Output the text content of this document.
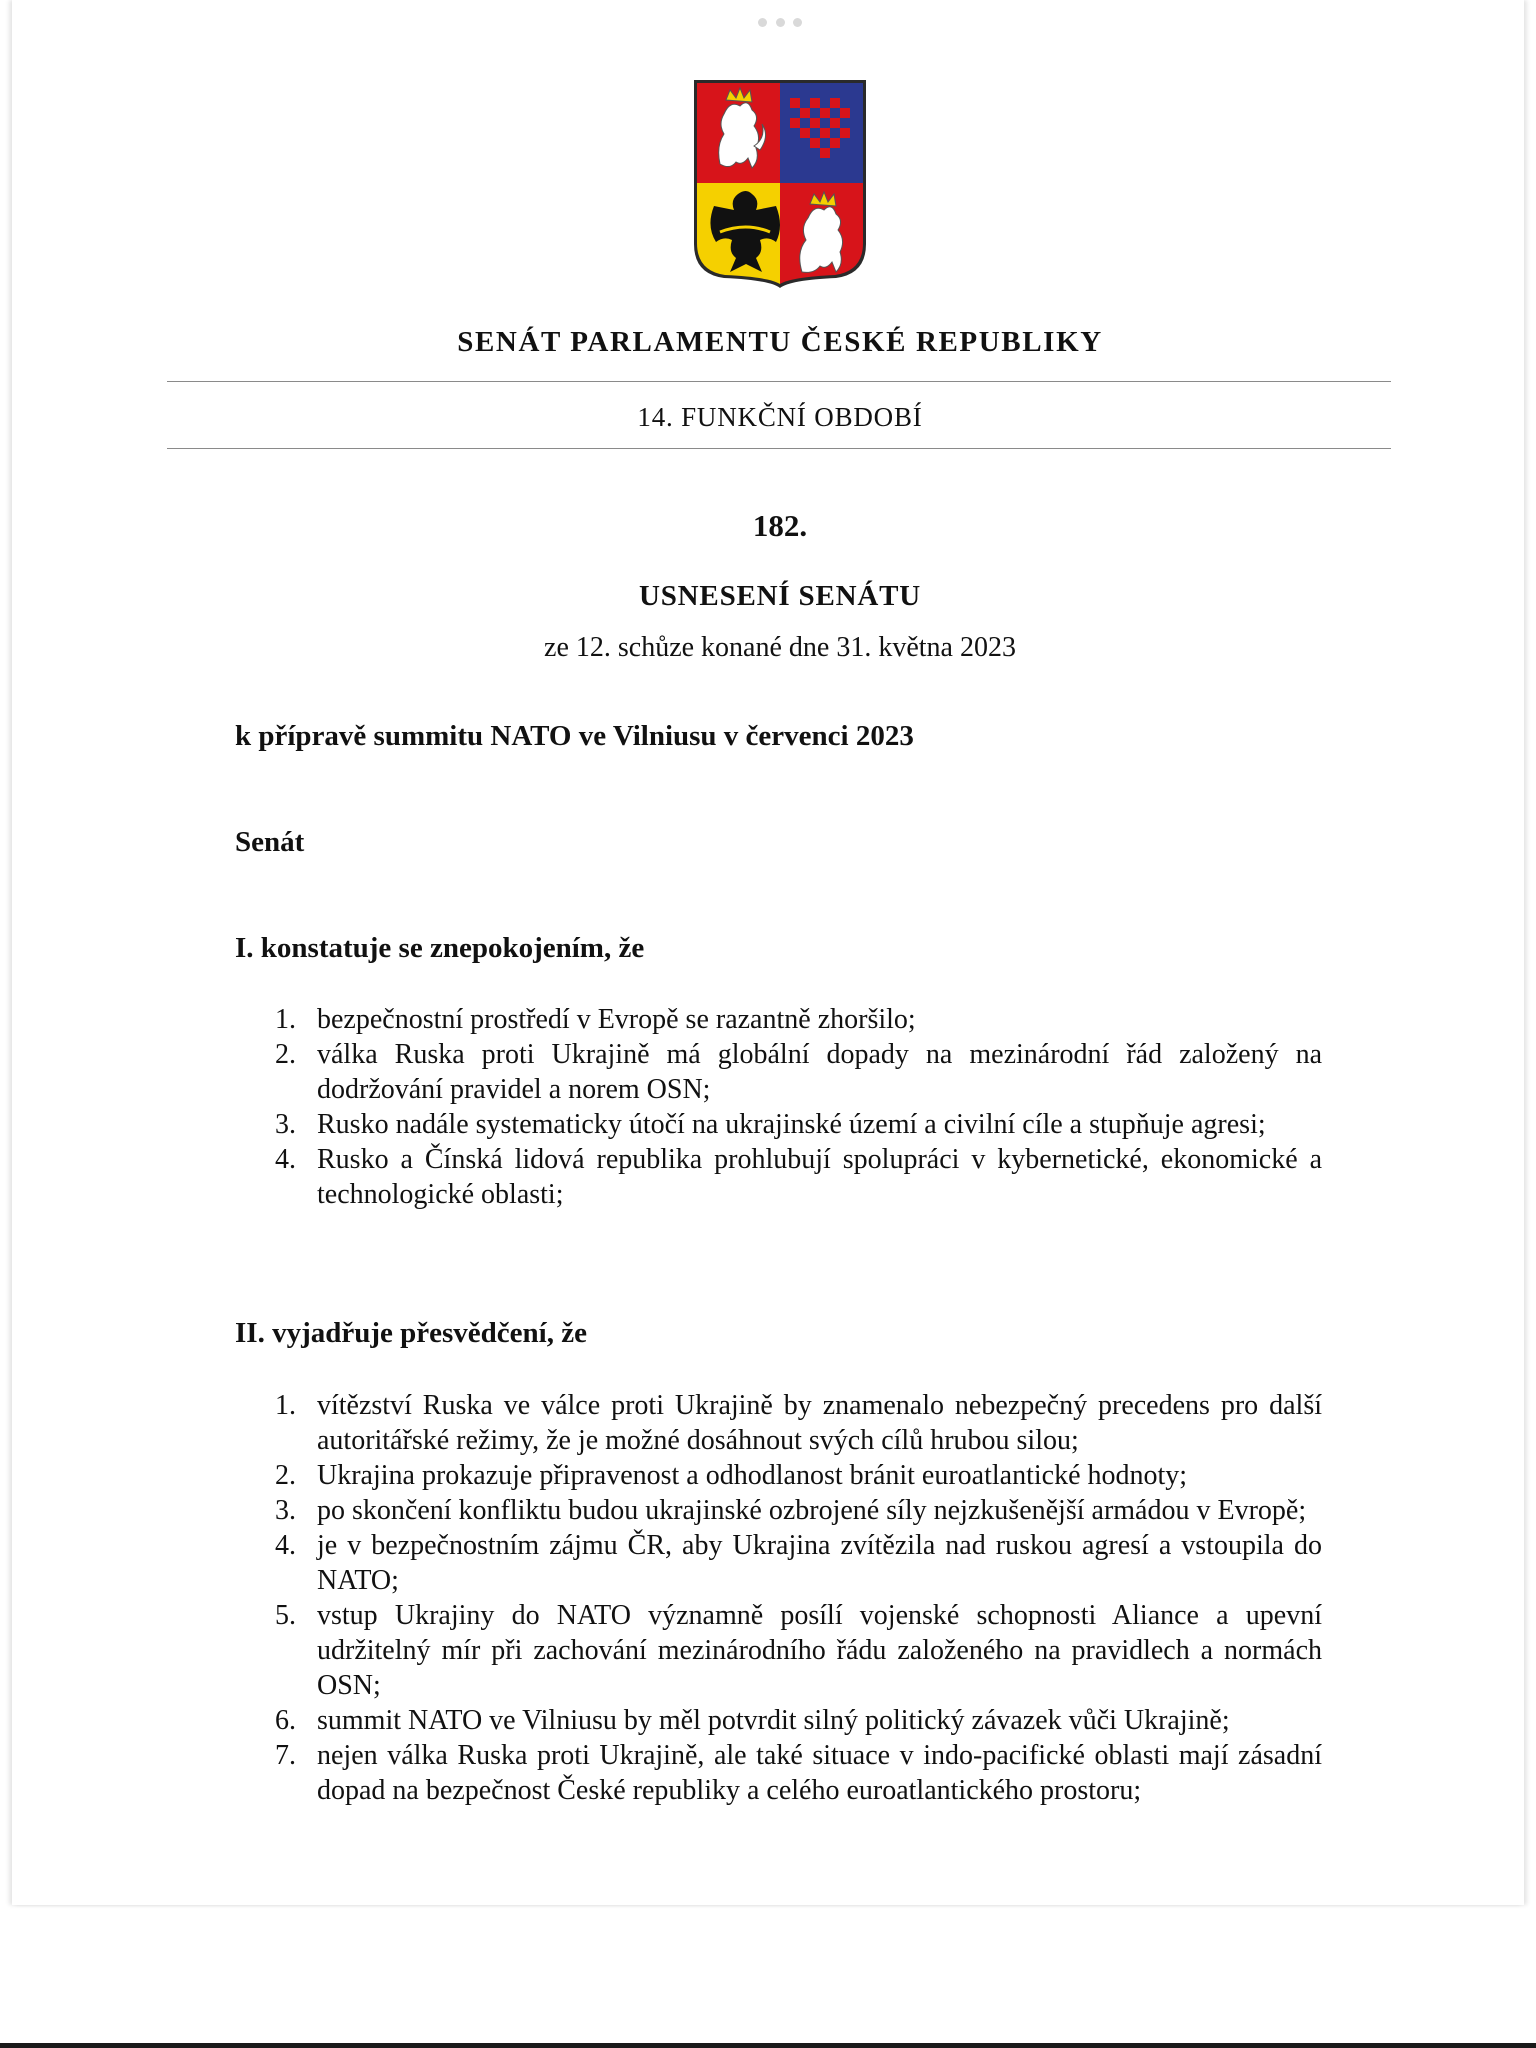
SENÁT PARLAMENTU ČESKÉ REPUBLIKY
14. FUNKČNÍ OBDOBÍ
182.
USNESENÍ SENÁTU
ze 12. schůze konané dne 31. května 2023
k přípravě summitu NATO ve Vilniusu v červenci 2023
Senát
I. konstatuje se znepokojením, že
1. bezpečnostní prostředí v Evropě se razantně zhoršilo;
2. válka Ruska proti Ukrajině má globální dopady na mezinárodní řád založený na dodržování pravidel a norem OSN;
3. Rusko nadále systematicky útočí na ukrajinské území a civilní cíle a stupňuje agresi;
4. Rusko a Čínská lidová republika prohlubují spolupráci v kybernetické, ekonomické a technologické oblasti;
II. vyjadřuje přesvědčení, že
1. vítězství Ruska ve válce proti Ukrajině by znamenalo nebezpečný precedens pro další autoritářské režimy, že je možné dosáhnout svých cílů hrubou silou;
2. Ukrajina prokazuje připravenost a odhodlanost bránit euroatlantické hodnoty;
3. po skončení konfliktu budou ukrajinské ozbrojené síly nejzkušenější armádou v Evropě;
4. je v bezpečnostním zájmu ČR, aby Ukrajina zvítězila nad ruskou agresí a vstoupila do NATO;
5. vstup Ukrajiny do NATO významně posílí vojenské schopnosti Aliance a upevní udržitelný mír při zachování mezinárodního řádu založeného na pravidlech a normách OSN;
6. summit NATO ve Vilniusu by měl potvrdit silný politický závazek vůči Ukrajině;
7. nejen válka Ruska proti Ukrajině, ale také situace v indo-pacifické oblasti mají zásadní dopad na bezpečnost České republiky a celého euroatlantického prostoru;
